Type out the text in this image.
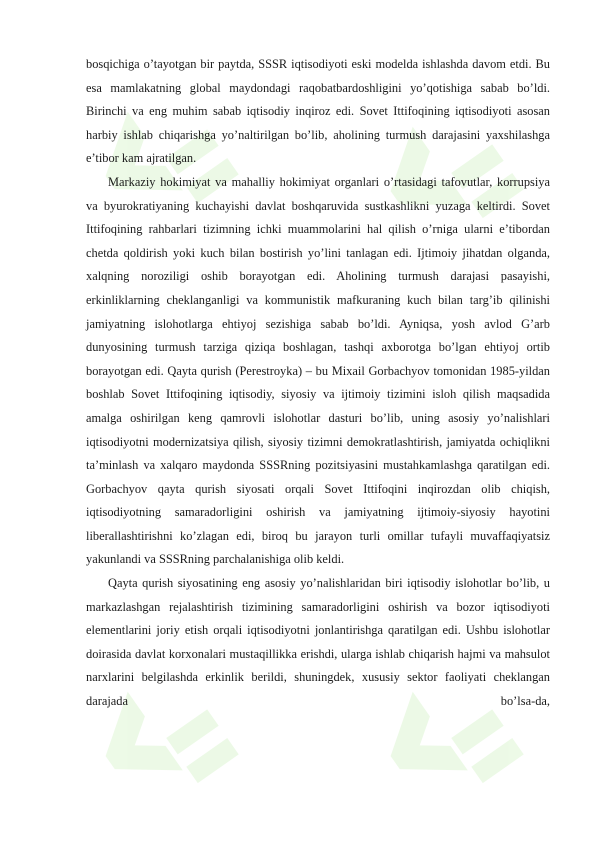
bosqichiga o’tayotgan bir paytda, SSSR iqtisodiyoti eski modelda ishlashda davom etdi. Bu esa mamlakatning global maydondagi raqobatbardoshligini yo’qotishiga sabab bo’ldi. Birinchi va eng muhim sabab iqtisodiy inqiroz edi. Sovet Ittifoqining iqtisodiyoti asosan harbiy ishlab chiqarishga yo’naltirilgan bo’lib, aholining turmush darajasini yaxshilashga e’tibor kam ajratilgan.

Markaziy hokimiyat va mahalliy hokimiyat organlari o’rtasidagi tafovutlar, korrupsiya va byurokratiyaning kuchayishi davlat boshqaruvida sustkashlikni yuzaga keltirdi. Sovet Ittifoqining rahbarlari tizimning ichki muammolarini hal qilish o’rniga ularni e’tibordan chetda qoldirish yoki kuch bilan bostirish yo’lini tanlagan edi. Ijtimoiy jihatdan olganda, xalqning noroziligi oshib borayotgan edi. Aholining turmush darajasi pasayishi, erkinliklarning cheklanganligi va kommunistik mafkuraning kuch bilan targ’ib qilinishi jamiyatning islohotlarga ehtiyoj sezishiga sabab bo’ldi. Ayniqsa, yosh avlod G’arb dunyosining turmush tarziga qiziqa boshlagan, tashqi axborotga bo’lgan ehtiyoj ortib borayotgan edi. Qayta qurish (Perestroyka) – bu Mixail Gorbachyov tomonidan 1985-yildan boshlab Sovet Ittifoqining iqtisodiy, siyosiy va ijtimoiy tizimini isloh qilish maqsadida amalga oshirilgan keng qamrovli islohotlar dasturi bo’lib, uning asosiy yo’nalishlari iqtisodiyotni modernizatsiya qilish, siyosiy tizimni demokratlashtirish, jamiyatda ochiqlikni ta’minlash va xalqaro maydonda SSSRning pozitsiyasini mustahkamlashga qaratilgan edi. Gorbachyov qayta qurish siyosati orqali Sovet Ittifoqini inqirozdan olib chiqish, iqtisodiyotning samaradorligini oshirish va jamiyatning ijtimoiy-siyosiy hayotini liberallashtirishni ko’zlagan edi, biroq bu jarayon turli omillar tufayli muvaffaqiyatsiz yakunlandi va SSSRning parchalanishiga olib keldi.

Qayta qurish siyosatining eng asosiy yo’nalishlaridan biri iqtisodiy islohotlar bo’lib, u markazlashgan rejalashtirish tizimining samaradorligini oshirish va bozor iqtisodiyoti elementlarini joriy etish orqali iqtisodiyotni jonlantirishga qaratilgan edi. Ushbu islohotlar doirasida davlat korxonalari mustaqillikka erishdi, ularga ishlab chiqarish hajmi va mahsulot narxlarini belgilashda erkinlik berildi, shuningdek, xususiy sektor faoliyati cheklangan darajada bo’lsa-da,
